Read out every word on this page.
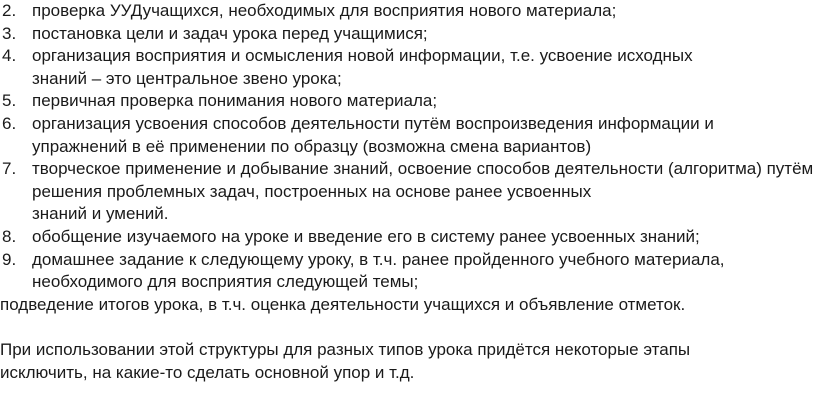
2. проверка УУДучащихся, необходимых для восприятия нового материала;
3. постановка цели и задач урока перед учащимися;
4. организация восприятия и осмысления новой информации, т.е. усвоение исходных
знаний – это центральное звено урока;
5. первичная проверка понимания нового материала;
6. организация усвоения способов деятельности путём воспроизведения информации и
упражнений в её применении по образцу (возможна смена вариантов)
7. творческое применение и добывание знаний, освоение способов деятельности (алгоритма) путём
решения проблемных задач, построенных на основе ранее усвоенных
знаний и умений.
8. обобщение изучаемого на уроке и введение его в систему ранее усвоенных знаний;
9. домашнее задание к следующему уроку, в т.ч. ранее пройденного учебного материала,
необходимого для восприятия следующей темы;

подведение итогов урока, в т.ч. оценка деятельности учащихся и объявление отметок.

При использовании этой структуры для разных типов урока придётся некоторые этапы

исключить, на какие-то сделать основной упор и т.д.
